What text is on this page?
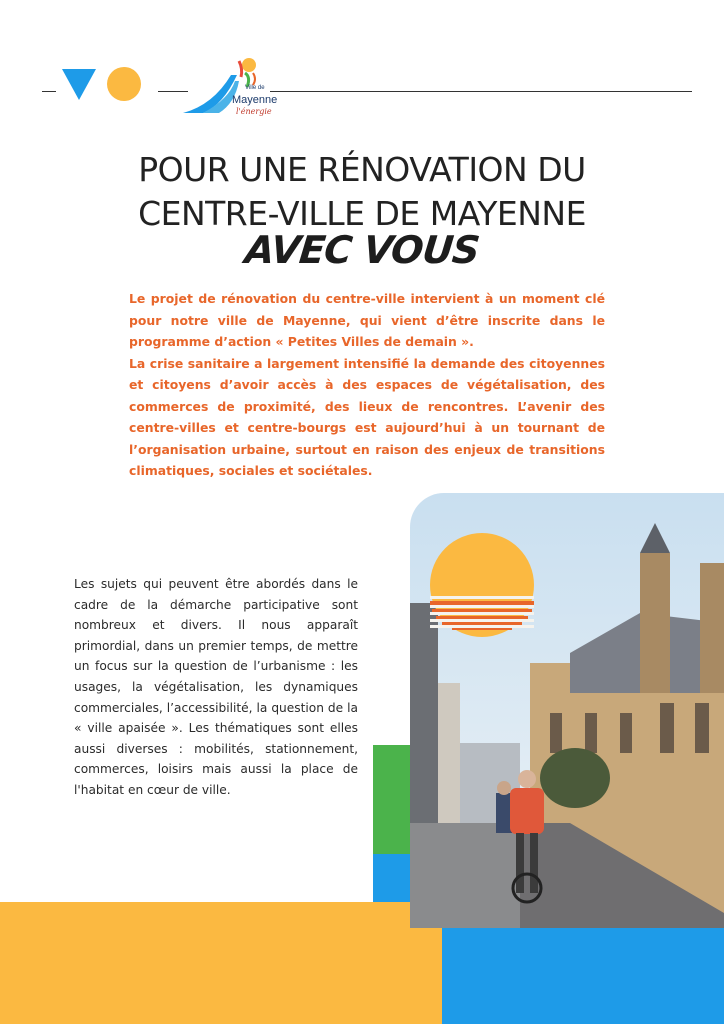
Ville de
Mayenne
l'énergie
POUR UNE RÉNOVATION DU
CENTRE-VILLE DE MAYENNE
AVEC VOUS

Le projet de rénovation du centre-ville intervient à un moment clé pour notre ville de Mayenne, qui vient d’être inscrite dans le programme d’action « Petites Villes de demain ».

La crise sanitaire a largement intensifié la demande des citoyennes et citoyens d’avoir accès à des espaces de végétalisation, des commerces de proximité, des lieux de rencontres. L’avenir des centre-villes et centre-bourgs est aujourd’hui à un tournant de l’organisation urbaine, surtout en raison des enjeux de transitions climatiques, sociales et sociétales.

Les sujets qui peuvent être abordés dans le cadre de la démarche participative sont nombreux et divers. Il nous apparaît primordial, dans un premier temps, de mettre un focus sur la question de l’urbanisme : les usages, la végétalisation, les dynamiques commerciales, l’accessibilité, la question de la « ville apaisée ». Les thématiques sont elles aussi diverses : mobilités, stationnement, commerces, loisirs mais aussi la place de l'habitat en cœur de ville.
